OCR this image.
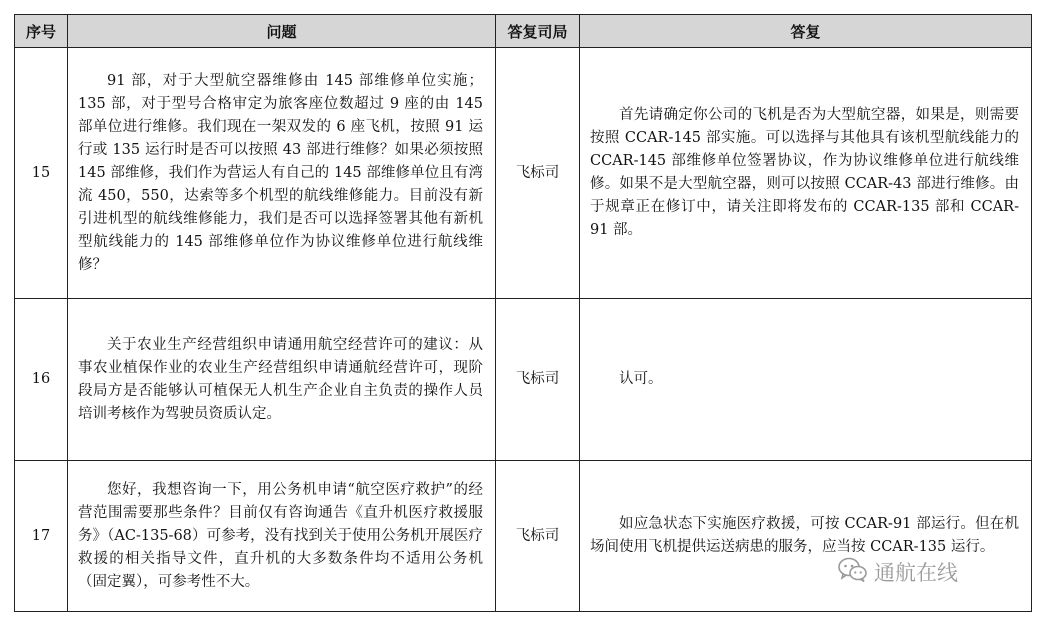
序号	问题	答复司局	答复
15	91 部，对于大型航空器维修由 145 部维修单位实施；135 部，对于型号合格审定为旅客座位数超过 9 座的由 145 部单位进行维修。我们现在一架双发的 6 座飞机，按照 91 运行或 135 运行时是否可以按照 43 部进行维修？如果必须按照 145 部维修，我们作为营运人有自己的 145 部维修单位且有湾流 450，550，达索等多个机型的航线维修能力。目前没有新引进机型的航线维修能力，我们是否可以选择签署其他有新机型航线能力的 145 部维修单位作为协议维修单位进行航线维修？	飞标司	首先请确定你公司的飞机是否为大型航空器，如果是，则需要按照 CCAR-145 部实施。可以选择与其他具有该机型航线能力的 CCAR-145 部维修单位签署协议，作为协议维修单位进行航线维修。如果不是大型航空器，则可以按照 CCAR-43 部进行维修。由于规章正在修订中，请关注即将发布的 CCAR-135 部和 CCAR-91 部。

16	关于农业生产经营组织申请通用航空经营许可的建议：从事农业植保作业的农业生产经营组织申请通航经营许可，现阶段局方是否能够认可植保无人机生产企业自主负责的操作人员培训考核作为驾驶员资质认定。	飞标司	认可。

17	您好，我想咨询一下，用公务机申请“航空医疗救护”的经营范围需要那些条件？目前仅有咨询通告《直升机医疗救援服务》（AC-135-68）可参考，没有找到关于使用公务机开展医疗救援的相关指导文件，直升机的大多数条件均不适用公务机（固定翼），可参考性不大。	飞标司	如应急状态下实施医疗救援，可按 CCAR-91 部运行。但在机场间使用飞机提供运送病患的服务，应当按 CCAR-135 运行。

通航在线
